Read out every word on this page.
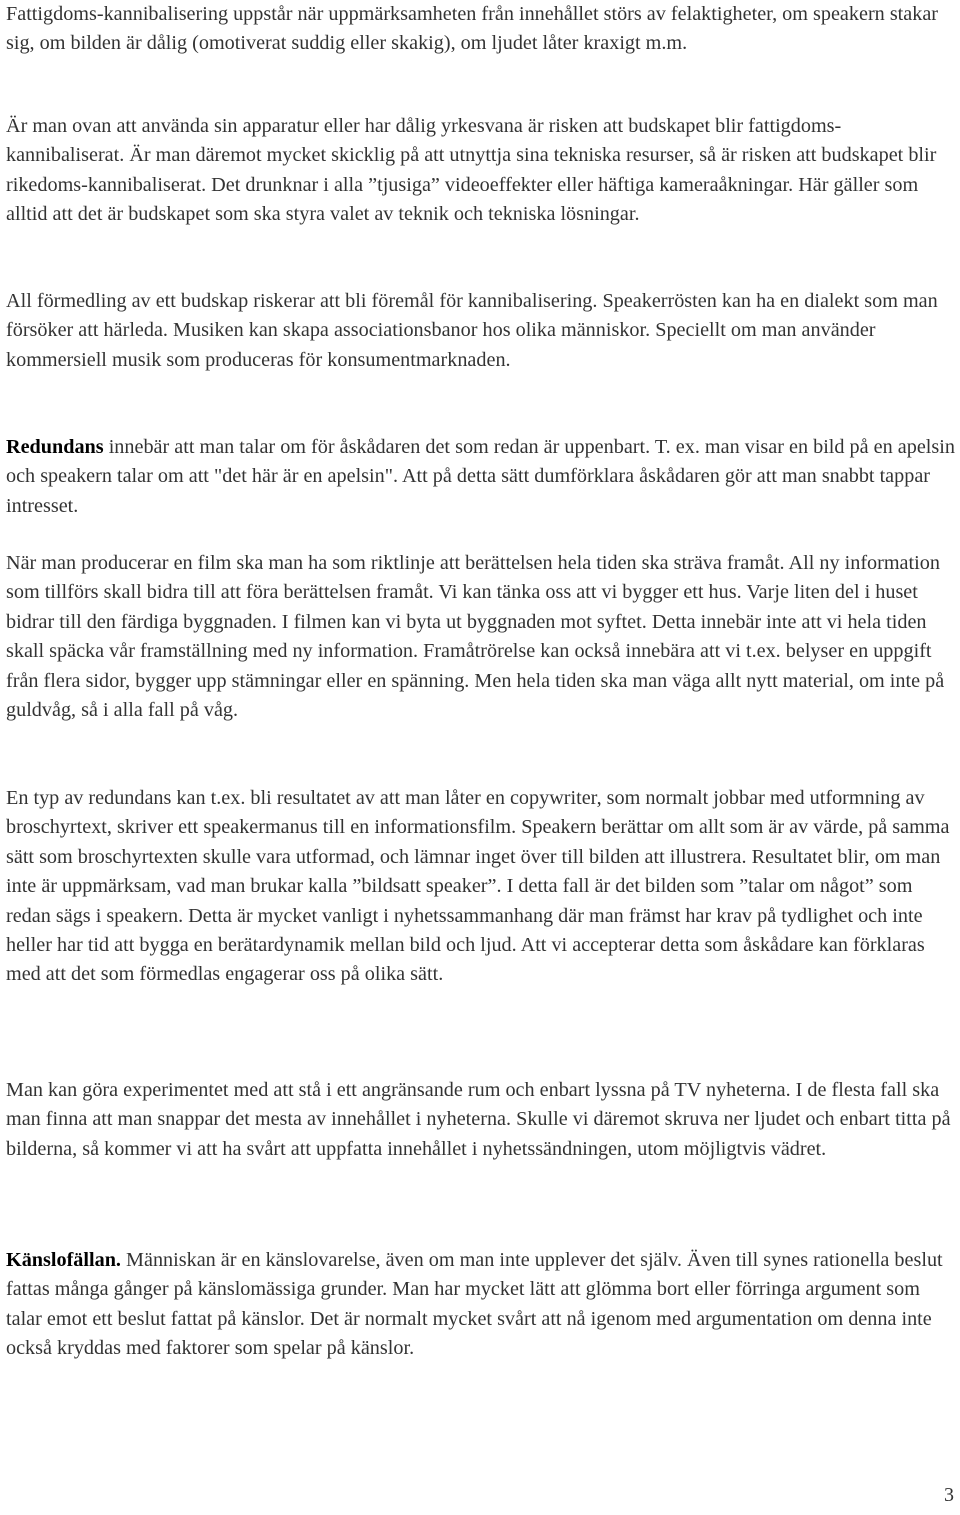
Fattigdoms-kannibalisering uppstår när uppmärksamheten från innehållet störs av felaktigheter, om speakern stakar sig, om bilden är dålig (omotiverat suddig eller skakig), om ljudet låter kraxigt m.m.

Är man ovan att använda sin apparatur eller har dålig yrkesvana är risken att budskapet blir fattigdoms-kannibaliserat. Är man däremot mycket skicklig på att utnyttja sina tekniska resurser, så är risken att budskapet blir rikedoms-kannibaliserat. Det drunknar i alla ”tjusiga” videoeffekter eller häftiga kameraåkningar. Här gäller som alltid att det är budskapet som ska styra valet av teknik och tekniska lösningar.

All förmedling av ett budskap riskerar att bli föremål för kannibalisering. Speakerrösten kan ha en dialekt som man försöker att härleda. Musiken kan skapa associationsbanor hos olika människor. Speciellt om man använder kommersiell musik som produceras för konsumentmarknaden.

Redundans innebär att man talar om för åskådaren det som redan är uppenbart. T. ex. man visar en bild på en apelsin och speakern talar om att "det här är en apelsin". Att på detta sätt dumförklara åskådaren gör att man snabbt tappar intresset.

När man producerar en film ska man ha som riktlinje att berättelsen hela tiden ska sträva framåt. All ny information som tillförs skall bidra till att föra berättelsen framåt. Vi kan tänka oss att vi bygger ett hus. Varje liten del i huset bidrar till den färdiga byggnaden. I filmen kan vi byta ut byggnaden mot syftet. Detta innebär inte att vi hela tiden skall späcka vår framställning med ny information. Framåtrörelse kan också innebära att vi t.ex. belyser en uppgift från flera sidor, bygger upp stämningar eller en spänning. Men hela tiden ska man väga allt nytt material, om inte på guldvåg, så i alla fall på våg.

En typ av redundans kan t.ex. bli resultatet av att man låter en copywriter, som normalt jobbar med utformning av broschyrtext, skriver ett speakermanus till en informationsfilm. Speakern berättar om allt som är av värde, på samma sätt som broschyrtexten skulle vara utformad, och lämnar inget över till bilden att illustrera. Resultatet blir, om man inte är uppmärksam, vad man brukar kalla ”bildsatt speaker”. I detta fall är det bilden som ”talar om något” som redan sägs i speakern. Detta är mycket vanligt i nyhetssammanhang där man främst har krav på tydlighet och inte heller har tid att bygga en berätardynamik mellan bild och ljud. Att vi accepterar detta som åskådare kan förklaras med att det som förmedlas engagerar oss på olika sätt.

Man kan göra experimentet med att stå i ett angränsande rum och enbart lyssna på TV nyheterna. I de flesta fall ska man finna att man snappar det mesta av innehållet i nyheterna. Skulle vi däremot skruva ner ljudet och enbart titta på bilderna, så kommer vi att ha svårt att uppfatta innehållet i nyhetssändningen, utom möjligtvis vädret.

Känslofällan. Människan är en känslovarelse, även om man inte upplever det själv. Även till synes rationella beslut fattas många gånger på känslomässiga grunder. Man har mycket lätt att glömma bort eller förringa argument som talar emot ett beslut fattat på känslor. Det är normalt mycket svårt att nå igenom med argumentation om denna inte också kryddas med faktorer som spelar på känslor.

3
